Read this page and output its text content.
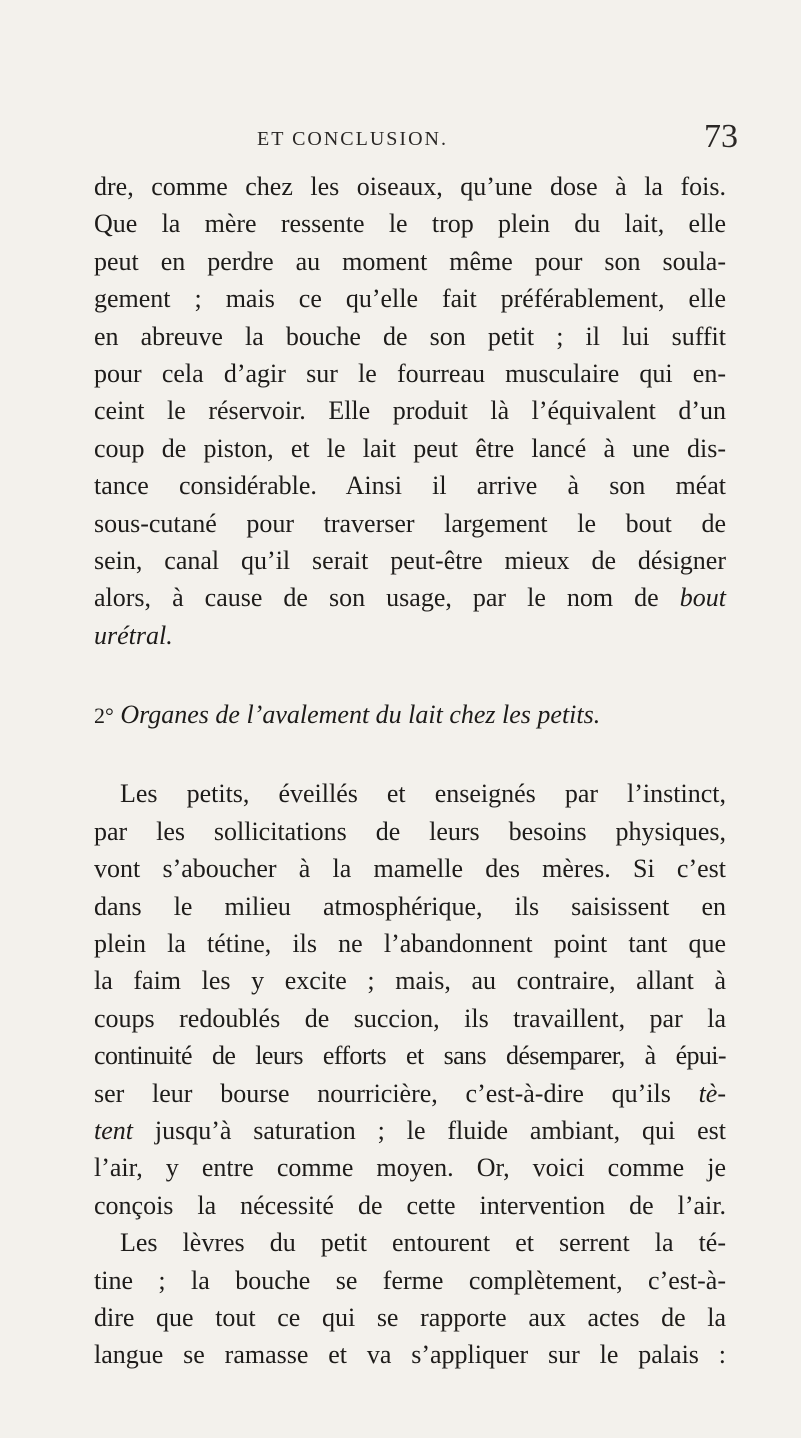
ET CONCLUSION.	73
dre, comme chez les oiseaux, qu’une dose à la fois.
Que la mère ressente le trop plein du lait, elle
peut en perdre au moment même pour son soula-
gement ; mais ce qu’elle fait préférablement, elle
en abreuve la bouche de son petit ; il lui suffit
pour cela d’agir sur le fourreau musculaire qui en-
ceint le réservoir. Elle produit là l’équivalent d’un
coup de piston, et le lait peut être lancé à une dis-
tance considérable. Ainsi il arrive à son méat
sous-cutané pour traverser largement le bout de
sein, canal qu’il serait peut-être mieux de désigner
alors, à cause de son usage, par le nom de bout
urétral.
2° Organes de l’avalement du lait chez les petits.
Les petits, éveillés et enseignés par l’instinct,
par les sollicitations de leurs besoins physiques,
vont s’aboucher à la mamelle des mères. Si c’est
dans le milieu atmosphérique, ils saisissent en
plein la tétine, ils ne l’abandonnent point tant que
la faim les y excite ; mais, au contraire, allant à
coups redoublés de succion, ils travaillent, par la
continuité de leurs efforts et sans désemparer, à épui-
ser leur bourse nourricière, c’est-à-dire qu’ils tè-
tent jusqu’à saturation ; le fluide ambiant, qui est
l’air, y entre comme moyen. Or, voici comme je
conçois la nécessité de cette intervention de l’air.
Les lèvres du petit entourent et serrent la té-
tine ; la bouche se ferme complètement, c’est-à-
dire que tout ce qui se rapporte aux actes de la
langue se ramasse et va s’appliquer sur le palais :
